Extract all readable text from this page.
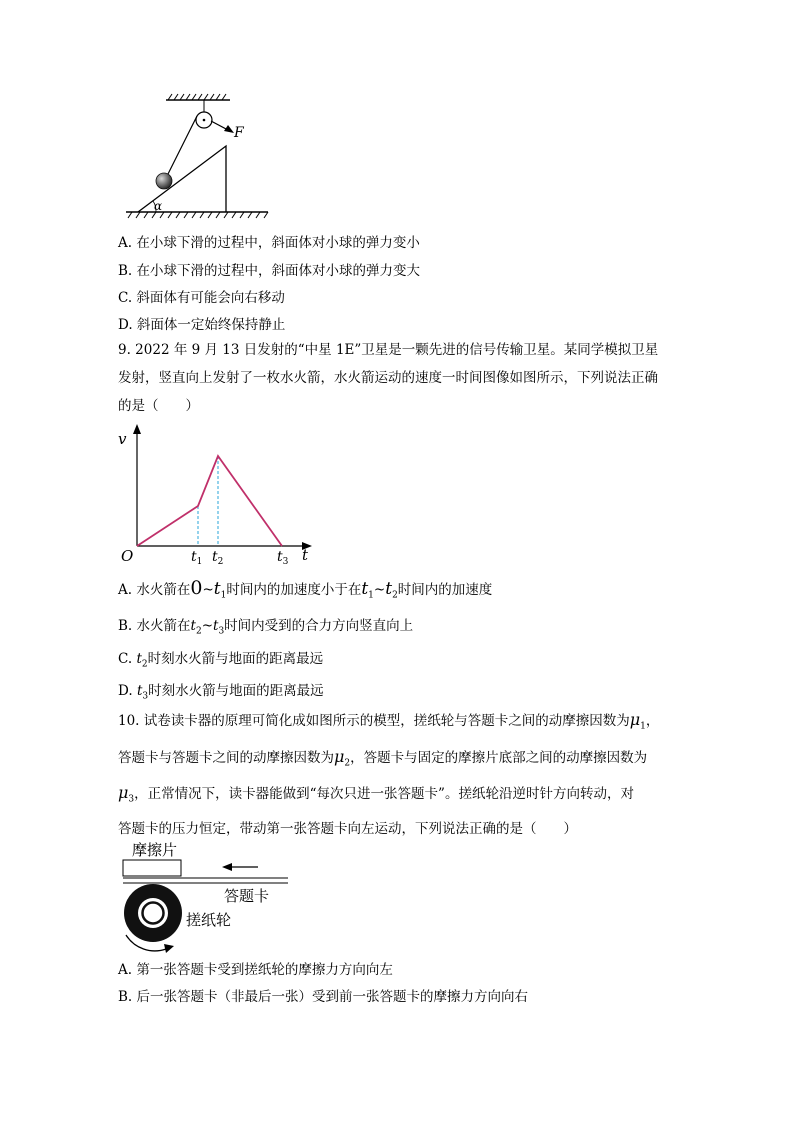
F
α
A. 在小球下滑的过程中，斜面体对小球的弹力变小
B. 在小球下滑的过程中，斜面体对小球的弹力变大
C. 斜面体有可能会向右移动
D. 斜面体一定始终保持静止

9. 2022 年 9 月 13 日发射的“中星 1E”卫星是一颗先进的信号传输卫星。某同学模拟卫星

发射，竖直向上发射了一枚水火箭，水火箭运动的速度一时间图像如图所示，下列说法正确

的是（　　）

v
t
O	$t_1$ $t_2$	$t_3$
A. 水火箭在$0\sim t_1$时间内的加速度小于在$t_1\sim t_2$时间内的加速度
B. 水火箭在$t_2\sim t_3$时间内受到的合力方向竖直向上
C. $t_2$时刻水火箭与地面的距离最远
D. $t_3$时刻水火箭与地面的距离最远

10. 试卷读卡器的原理可简化成如图所示的模型，搓纸轮与答题卡之间的动摩擦因数为$\mu_1$，

答题卡与答题卡之间的动摩擦因数为$\mu_2$，答题卡与固定的摩擦片底部之间的动摩擦因数为

$\mu_3$，正常情况下，读卡器能做到“每次只进一张答题卡”。搓纸轮沿逆时针方向转动，对

答题卡的压力恒定，带动第一张答题卡向左运动，下列说法正确的是（　　）

摩擦片
答题卡
搓纸轮
A. 第一张答题卡受到搓纸轮的摩擦力方向向左
B. 后一张答题卡（非最后一张）受到前一张答题卡的摩擦力方向向右
